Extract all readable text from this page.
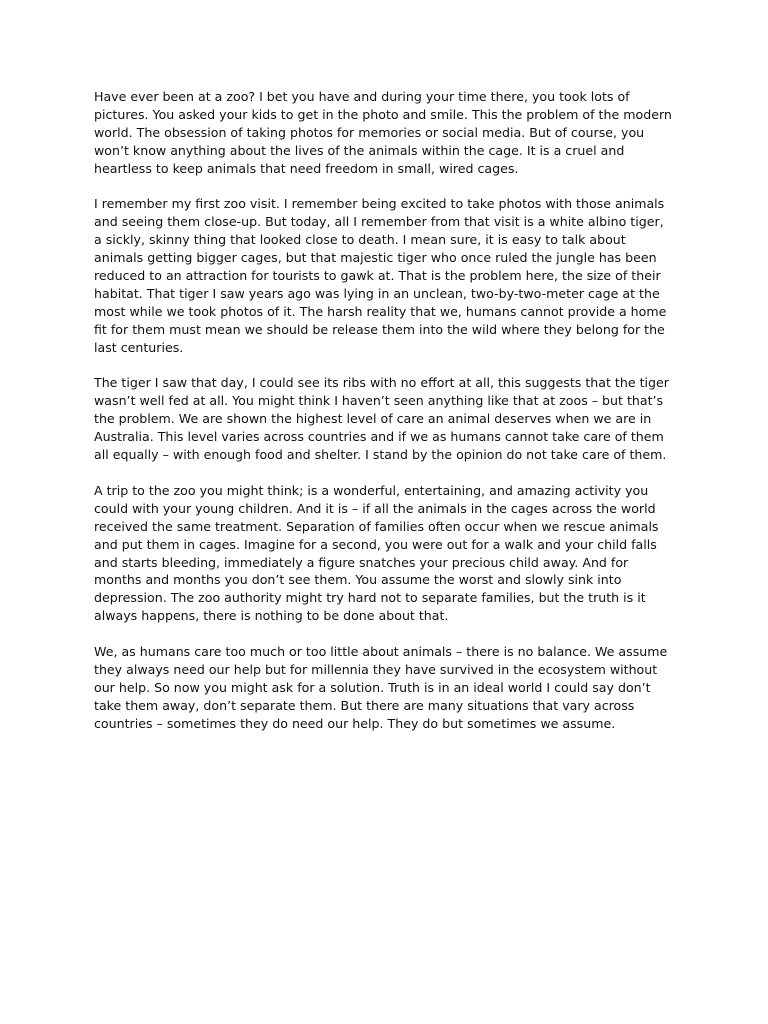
Have ever been at a zoo? I bet you have and during your time there, you took lots of pictures. You asked your kids to get in the photo and smile. This the problem of the modern world. The obsession of taking photos for memories or social media. But of course, you won’t know anything about the lives of the animals within the cage. It is a cruel and heartless to keep animals that need freedom in small, wired cages.

I remember my first zoo visit. I remember being excited to take photos with those animals and seeing them close-up. But today, all I remember from that visit is a white albino tiger, a sickly, skinny thing that looked close to death. I mean sure, it is easy to talk about animals getting bigger cages, but that majestic tiger who once ruled the jungle has been reduced to an attraction for tourists to gawk at. That is the problem here, the size of their habitat. That tiger I saw years ago was lying in an unclean, two-by-two-meter cage at the most while we took photos of it. The harsh reality that we, humans cannot provide a home fit for them must mean we should be release them into the wild where they belong for the last centuries.

The tiger I saw that day, I could see its ribs with no effort at all, this suggests that the tiger wasn’t well fed at all. You might think I haven’t seen anything like that at zoos – but that’s the problem. We are shown the highest level of care an animal deserves when we are in Australia. This level varies across countries and if we as humans cannot take care of them all equally – with enough food and shelter. I stand by the opinion do not take care of them.

A trip to the zoo you might think; is a wonderful, entertaining, and amazing activity you could with your young children. And it is – if all the animals in the cages across the world received the same treatment. Separation of families often occur when we rescue animals and put them in cages. Imagine for a second, you were out for a walk and your child falls and starts bleeding, immediately a figure snatches your precious child away. And for months and months you don’t see them. You assume the worst and slowly sink into depression. The zoo authority might try hard not to separate families, but the truth is it always happens, there is nothing to be done about that.

We, as humans care too much or too little about animals – there is no balance. We assume they always need our help but for millennia they have survived in the ecosystem without our help. So now you might ask for a solution. Truth is in an ideal world I could say don’t take them away, don’t separate them. But there are many situations that vary across countries – sometimes they do need our help. They do but sometimes we assume.
